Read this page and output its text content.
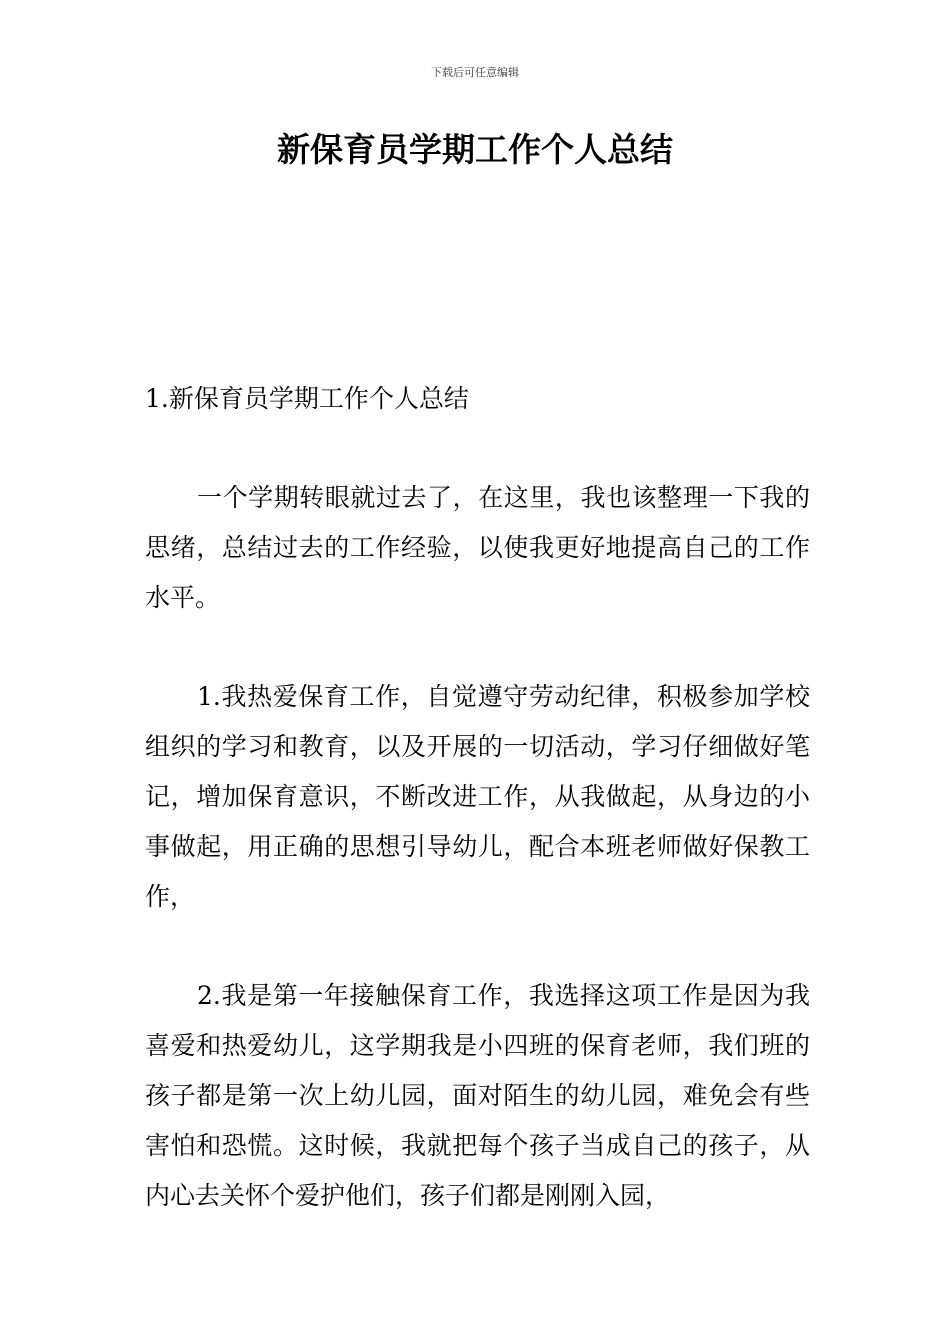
下载后可任意编辑
新保育员学期工作个人总结

1.新保育员学期工作个人总结

一个学期转眼就过去了，在这里，我也该整理一下我的思绪，总结过去的工作经验，以使我更好地提高自己的工作水平。

1.我热爱保育工作，自觉遵守劳动纪律，积极参加学校组织的学习和教育，以及开展的一切活动，学习仔细做好笔记，增加保育意识，不断改进工作，从我做起，从身边的小事做起，用正确的思想引导幼儿，配合本班老师做好保教工作，

2.我是第一年接触保育工作，我选择这项工作是因为我喜爱和热爱幼儿，这学期我是小四班的保育老师，我们班的孩子都是第一次上幼儿园，面对陌生的幼儿园，难免会有些害怕和恐慌。这时候，我就把每个孩子当成自己的孩子，从内心去关怀个爱护他们，孩子们都是刚刚入园，
